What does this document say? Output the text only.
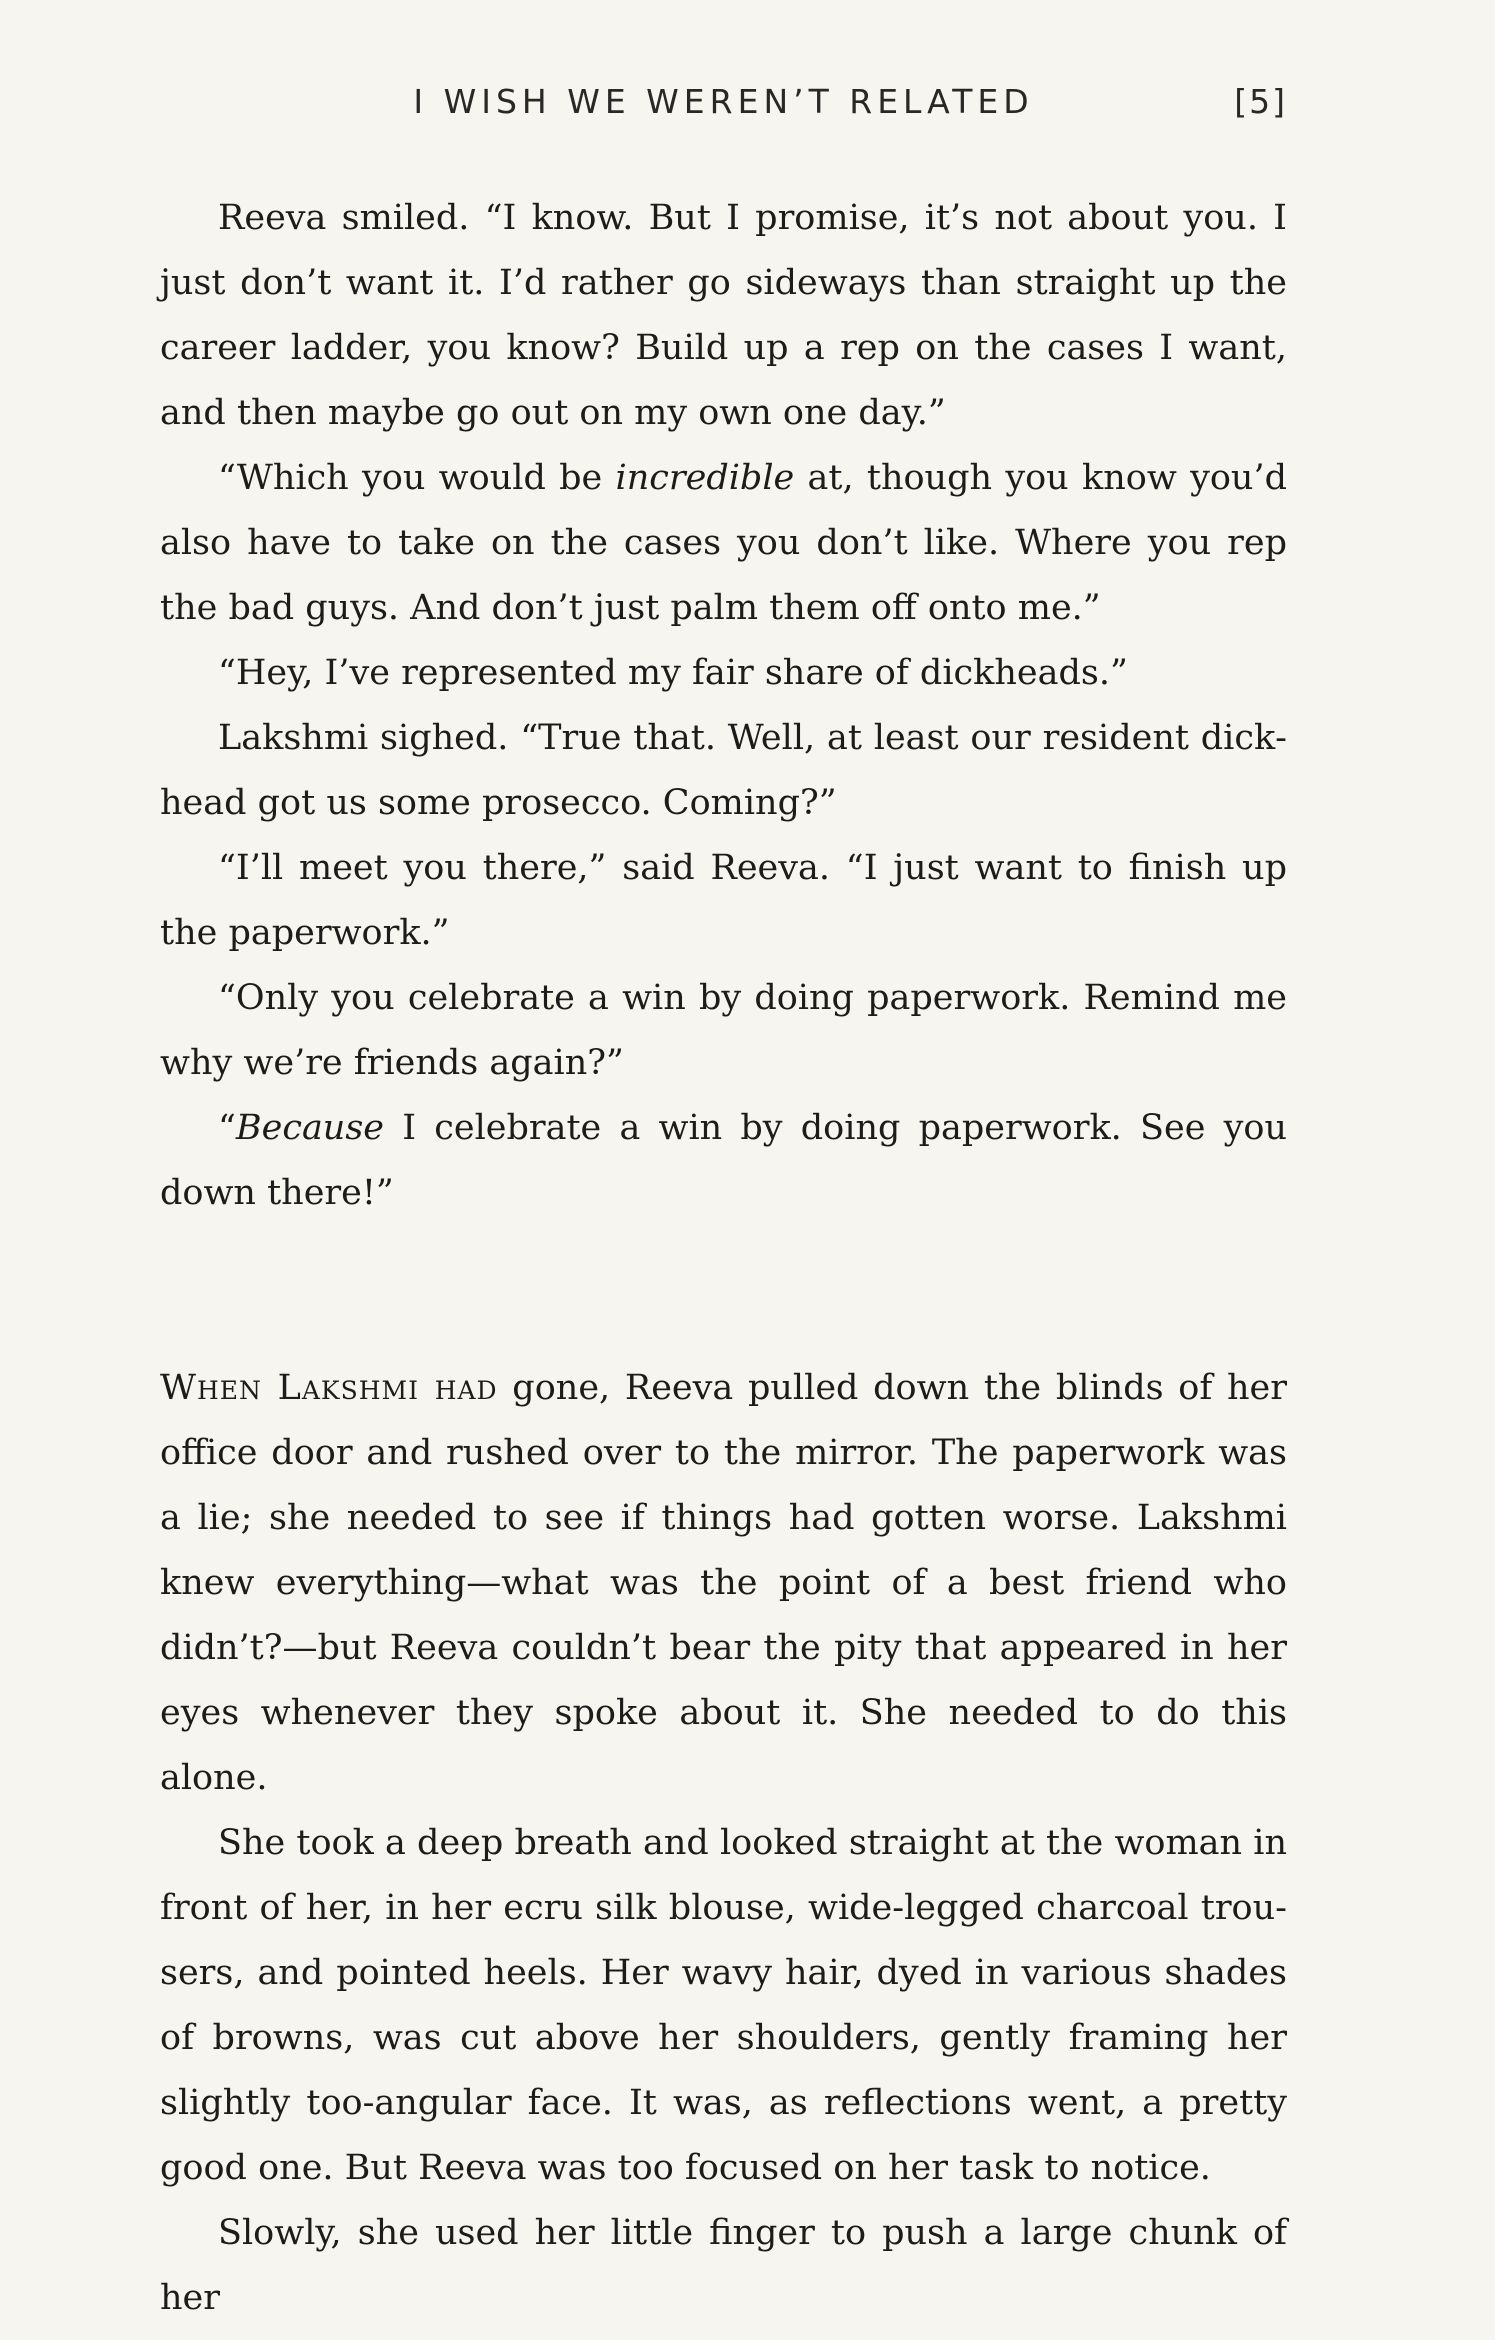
I WISH WE WEREN’T RELATED	[5]

Reeva smiled. “I know. But I promise, it’s not about you. I just don’t want it. I’d rather go sideways than straight up the career ladder, you know? Build up a rep on the cases I want, and then maybe go out on my own one day.”

“Which you would be incredible at, though you know you’d also have to take on the cases you don’t like. Where you rep the bad guys. And don’t just palm them off onto me.”

“Hey, I’ve represented my fair share of dickheads.”

Lakshmi sighed. “True that. Well, at least our resident dickhead got us some prosecco. Coming?”

“I’ll meet you there,” said Reeva. “I just want to finish up the paperwork.”

“Only you celebrate a win by doing paperwork. Remind me why we’re friends again?”

“Because I celebrate a win by doing paperwork. See you down there!”

When Lakshmi had gone, Reeva pulled down the blinds of her office door and rushed over to the mirror. The paperwork was a lie; she needed to see if things had gotten worse. Lakshmi knew everything—what was the point of a best friend who didn’t?—but Reeva couldn’t bear the pity that appeared in her eyes whenever they spoke about it. She needed to do this alone.

She took a deep breath and looked straight at the woman in front of her, in her ecru silk blouse, wide-legged charcoal trousers, and pointed heels. Her wavy hair, dyed in various shades of browns, was cut above her shoulders, gently framing her slightly too-angular face. It was, as reflections went, a pretty good one. But Reeva was too focused on her task to notice.

Slowly, she used her little finger to push a large chunk of her
